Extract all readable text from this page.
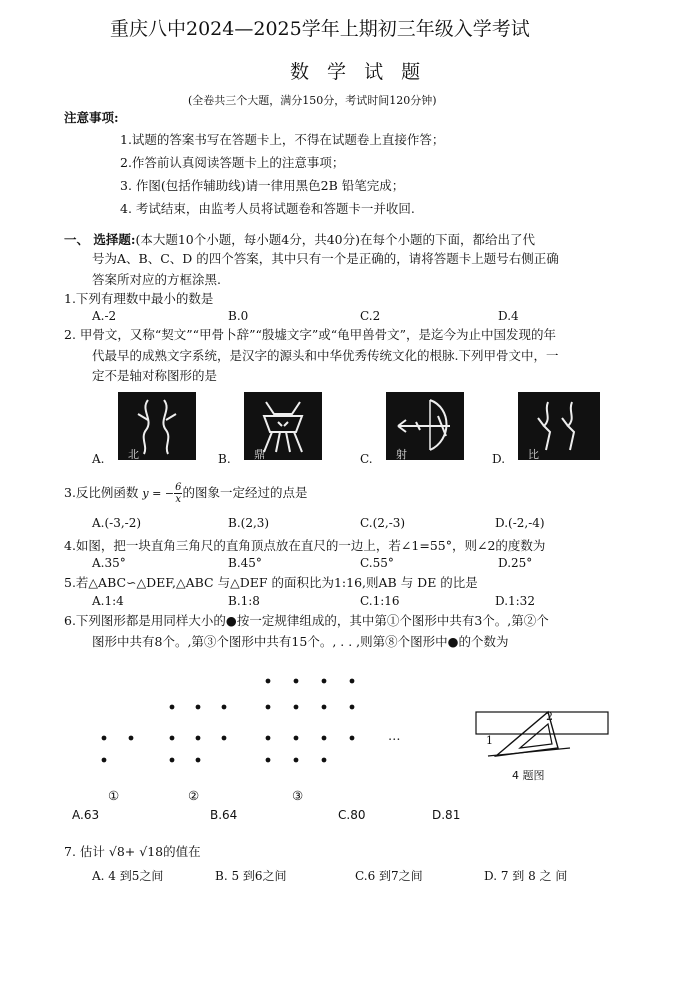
重庆八中2024—2025学年上期初三年级入学考试
数 学 试 题
(全卷共三个大题，满分150分，考试时间120分钟)
注意事项:
1.试题的答案书写在答题卡上，不得在试题卷上直接作答；
2.作答前认真阅读答题卡上的注意事项；
3. 作图(包括作辅助线)请一律用黑色2B 铅笔完成；
4. 考试结束，由监考人员将试题卷和答题卡一并收回.
一、 选择题:(本大题10个小题，每小题4分，共40分)在每个小题的下面，都给出了代
号为A、B、C、D 的四个答案，其中只有一个是正确的，请将答题卡上题号右侧正确
答案所对应的方框涂黑.
1.下列有理数中最小的数是
A.-2	B.0	C.2	D.4
2. 甲骨文，又称“契文”“甲骨卜辞”“殷墟文字”或“龟甲兽骨文”，是迄今为止中国发现的年
代最早的成熟文字系统，是汉字的源头和中华优秀传统文化的根脉.下列甲骨文中，一
定不是轴对称图形的是
北	鼎	射	比
A.	B.	C.	D.
3.反比例函数 y = − $\frac{6}{x}$ 的图象一定经过的点是
A.(-3,-2)	B.(2,3)	C.(2,-3)	D.(-2,-4)
4.如图，把一块直角三角尺的直角顶点放在直尺的一边上，若∠1=55°，则∠2的度数为
A.35°	B.45°	C.55°	D.25°
5.若△ABC∽△DEF,△ABC 与△DEF 的面积比为1:16,则AB 与 DE 的比是
A.1:4	B.1:8	C.1:16	D.1:32
6.下列图形都是用同样大小的●按一定规律组成的，其中第①个图形中共有3个。,第②个
图形中共有8个。,第③个图形中共有15个。, . . ,则第⑧个图形中●的个数为
…
①	②	③
1
2
4 题图
A.63	B.64	C.80	D.81
7. 估计 √8+ √18的值在
A. 4 到5之间	B. 5 到6之间	C.6 到7之间	D. 7 到 8 之 间
